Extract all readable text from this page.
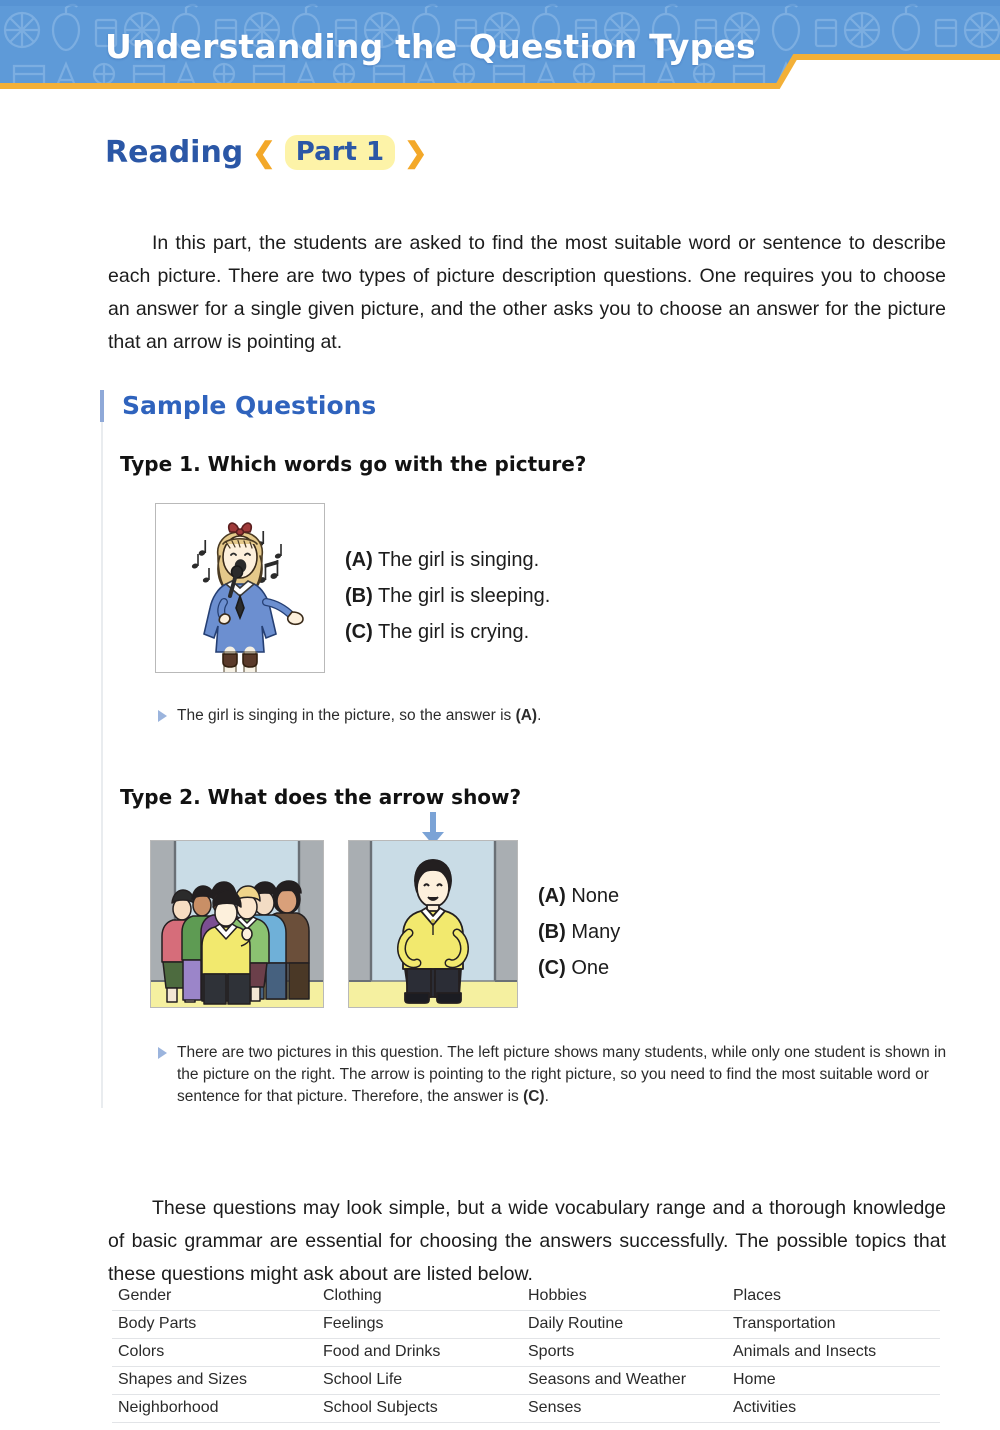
Understanding the Question Types
Reading ❮ Part 1 ❯

In this part, the students are asked to find the most suitable word or sentence to describe each picture. There are two types of picture description questions. One requires you to choose an answer for a single given picture, and the other asks you to choose an answer for the picture that an arrow is pointing at.

Sample Questions
Type 1. Which words go with the picture?
(A) The girl is singing.
(B) The girl is sleeping.
(C) The girl is crying.
The girl is singing in the picture, so the answer is (A).
Type 2. What does the arrow show?
(A) None
(B) Many
(C) One
There are two pictures in this question. The left picture shows many students, while only one student is shown in the picture on the right. The arrow is pointing to the right picture, so you need to find the most suitable word or sentence for that picture. Therefore, the answer is (C).

These questions may look simple, but a wide vocabulary range and a thorough knowledge of basic grammar are essential for choosing the answers successfully. The possible topics that these questions might ask about are listed below.

Gender	Clothing	Hobbies	Places
Body Parts	Feelings	Daily Routine	Transportation
Colors	Food and Drinks	Sports	Animals and Insects
Shapes and Sizes	School Life	Seasons and Weather	Home
Neighborhood	School Subjects	Senses	Activities
